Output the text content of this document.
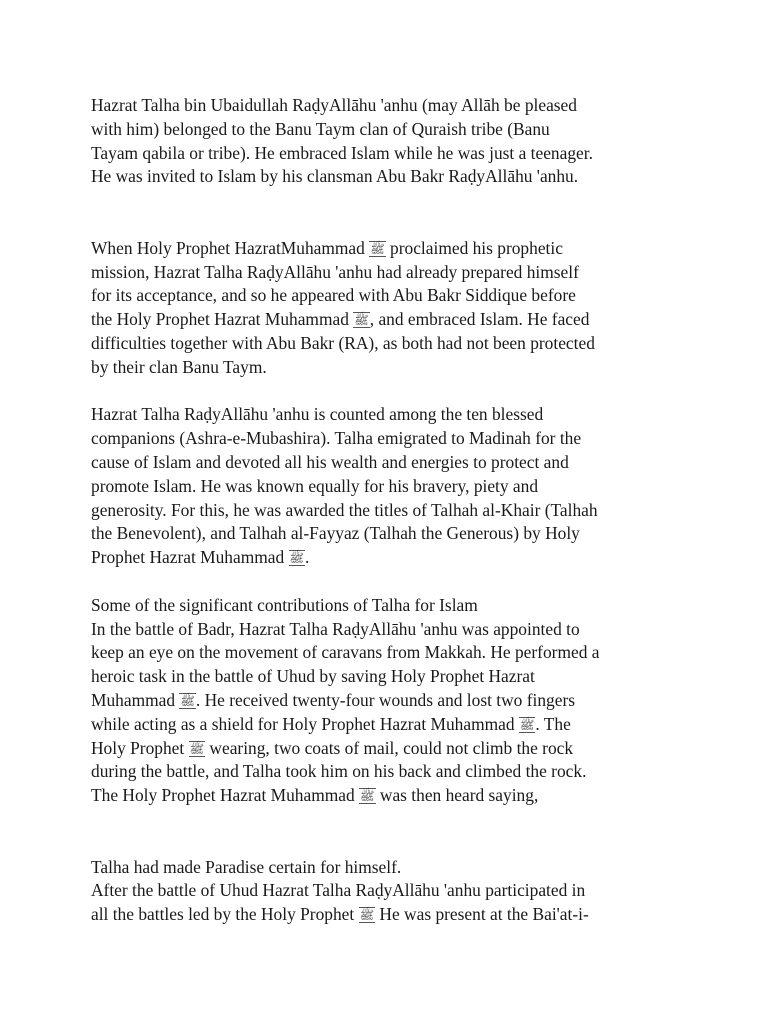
Hazrat Talha bin Ubaidullah RaḍyAllāhu 'anhu (may Allāh be pleased
with him) belonged to the Banu Taym clan of Quraish tribe (Banu
Tayam qabila or tribe). He embraced Islam while he was just a teenager.
He was invited to Islam by his clansman Abu Bakr RaḍyAllāhu 'anhu.
When Holy Prophet HazratMuhammad ﷺ proclaimed his prophetic
mission, Hazrat Talha RaḍyAllāhu 'anhu had already prepared himself
for its acceptance, and so he appeared with Abu Bakr Siddique before
the Holy Prophet Hazrat Muhammad ﷺ, and embraced Islam. He faced
difficulties together with Abu Bakr (RA), as both had not been protected
by their clan Banu Taym.
Hazrat Talha RaḍyAllāhu 'anhu is counted among the ten blessed
companions (Ashra-e-Mubashira). Talha emigrated to Madinah for the
cause of Islam and devoted all his wealth and energies to protect and
promote Islam. He was known equally for his bravery, piety and
generosity. For this, he was awarded the titles of Talhah al-Khair (Talhah
the Benevolent), and Talhah al-Fayyaz (Talhah the Generous) by Holy
Prophet Hazrat Muhammad ﷺ.
Some of the significant contributions of Talha for Islam
In the battle of Badr, Hazrat Talha RaḍyAllāhu 'anhu was appointed to
keep an eye on the movement of caravans from Makkah. He performed a
heroic task in the battle of Uhud by saving Holy Prophet Hazrat
Muhammad ﷺ. He received twenty-four wounds and lost two fingers
while acting as a shield for Holy Prophet Hazrat Muhammad ﷺ. The
Holy Prophet ﷺ wearing, two coats of mail, could not climb the rock
during the battle, and Talha took him on his back and climbed the rock.
The Holy Prophet Hazrat Muhammad ﷺ was then heard saying,
Talha had made Paradise certain for himself.
After the battle of Uhud Hazrat Talha RaḍyAllāhu 'anhu participated in
all the battles led by the Holy Prophet ﷺ He was present at the Bai'at-i-
